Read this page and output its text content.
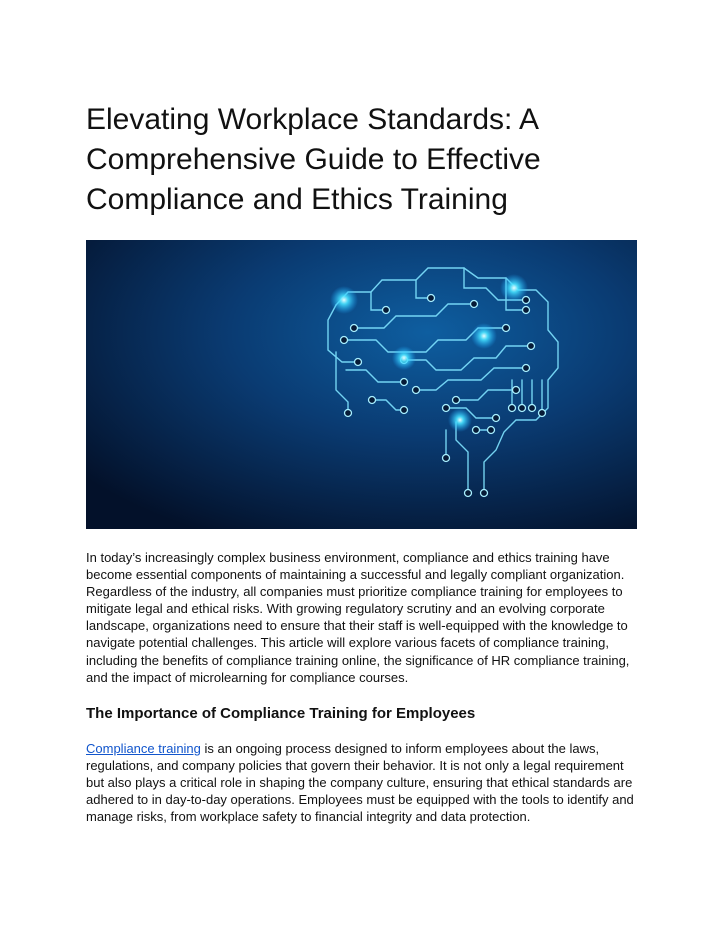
Elevating Workplace Standards: A Comprehensive Guide to Effective Compliance and Ethics Training

In today’s increasingly complex business environment, compliance and ethics training have become essential components of maintaining a successful and legally compliant organization. Regardless of the industry, all companies must prioritize compliance training for employees to mitigate legal and ethical risks. With growing regulatory scrutiny and an evolving corporate landscape, organizations need to ensure that their staff is well-equipped with the knowledge to navigate potential challenges. This article will explore various facets of compliance training, including the benefits of compliance training online, the significance of HR compliance training, and the impact of microlearning for compliance courses.

The Importance of Compliance Training for Employees

Compliance training is an ongoing process designed to inform employees about the laws, regulations, and company policies that govern their behavior. It is not only a legal requirement but also plays a critical role in shaping the company culture, ensuring that ethical standards are adhered to in day-to-day operations. Employees must be equipped with the tools to identify and manage risks, from workplace safety to financial integrity and data protection.
